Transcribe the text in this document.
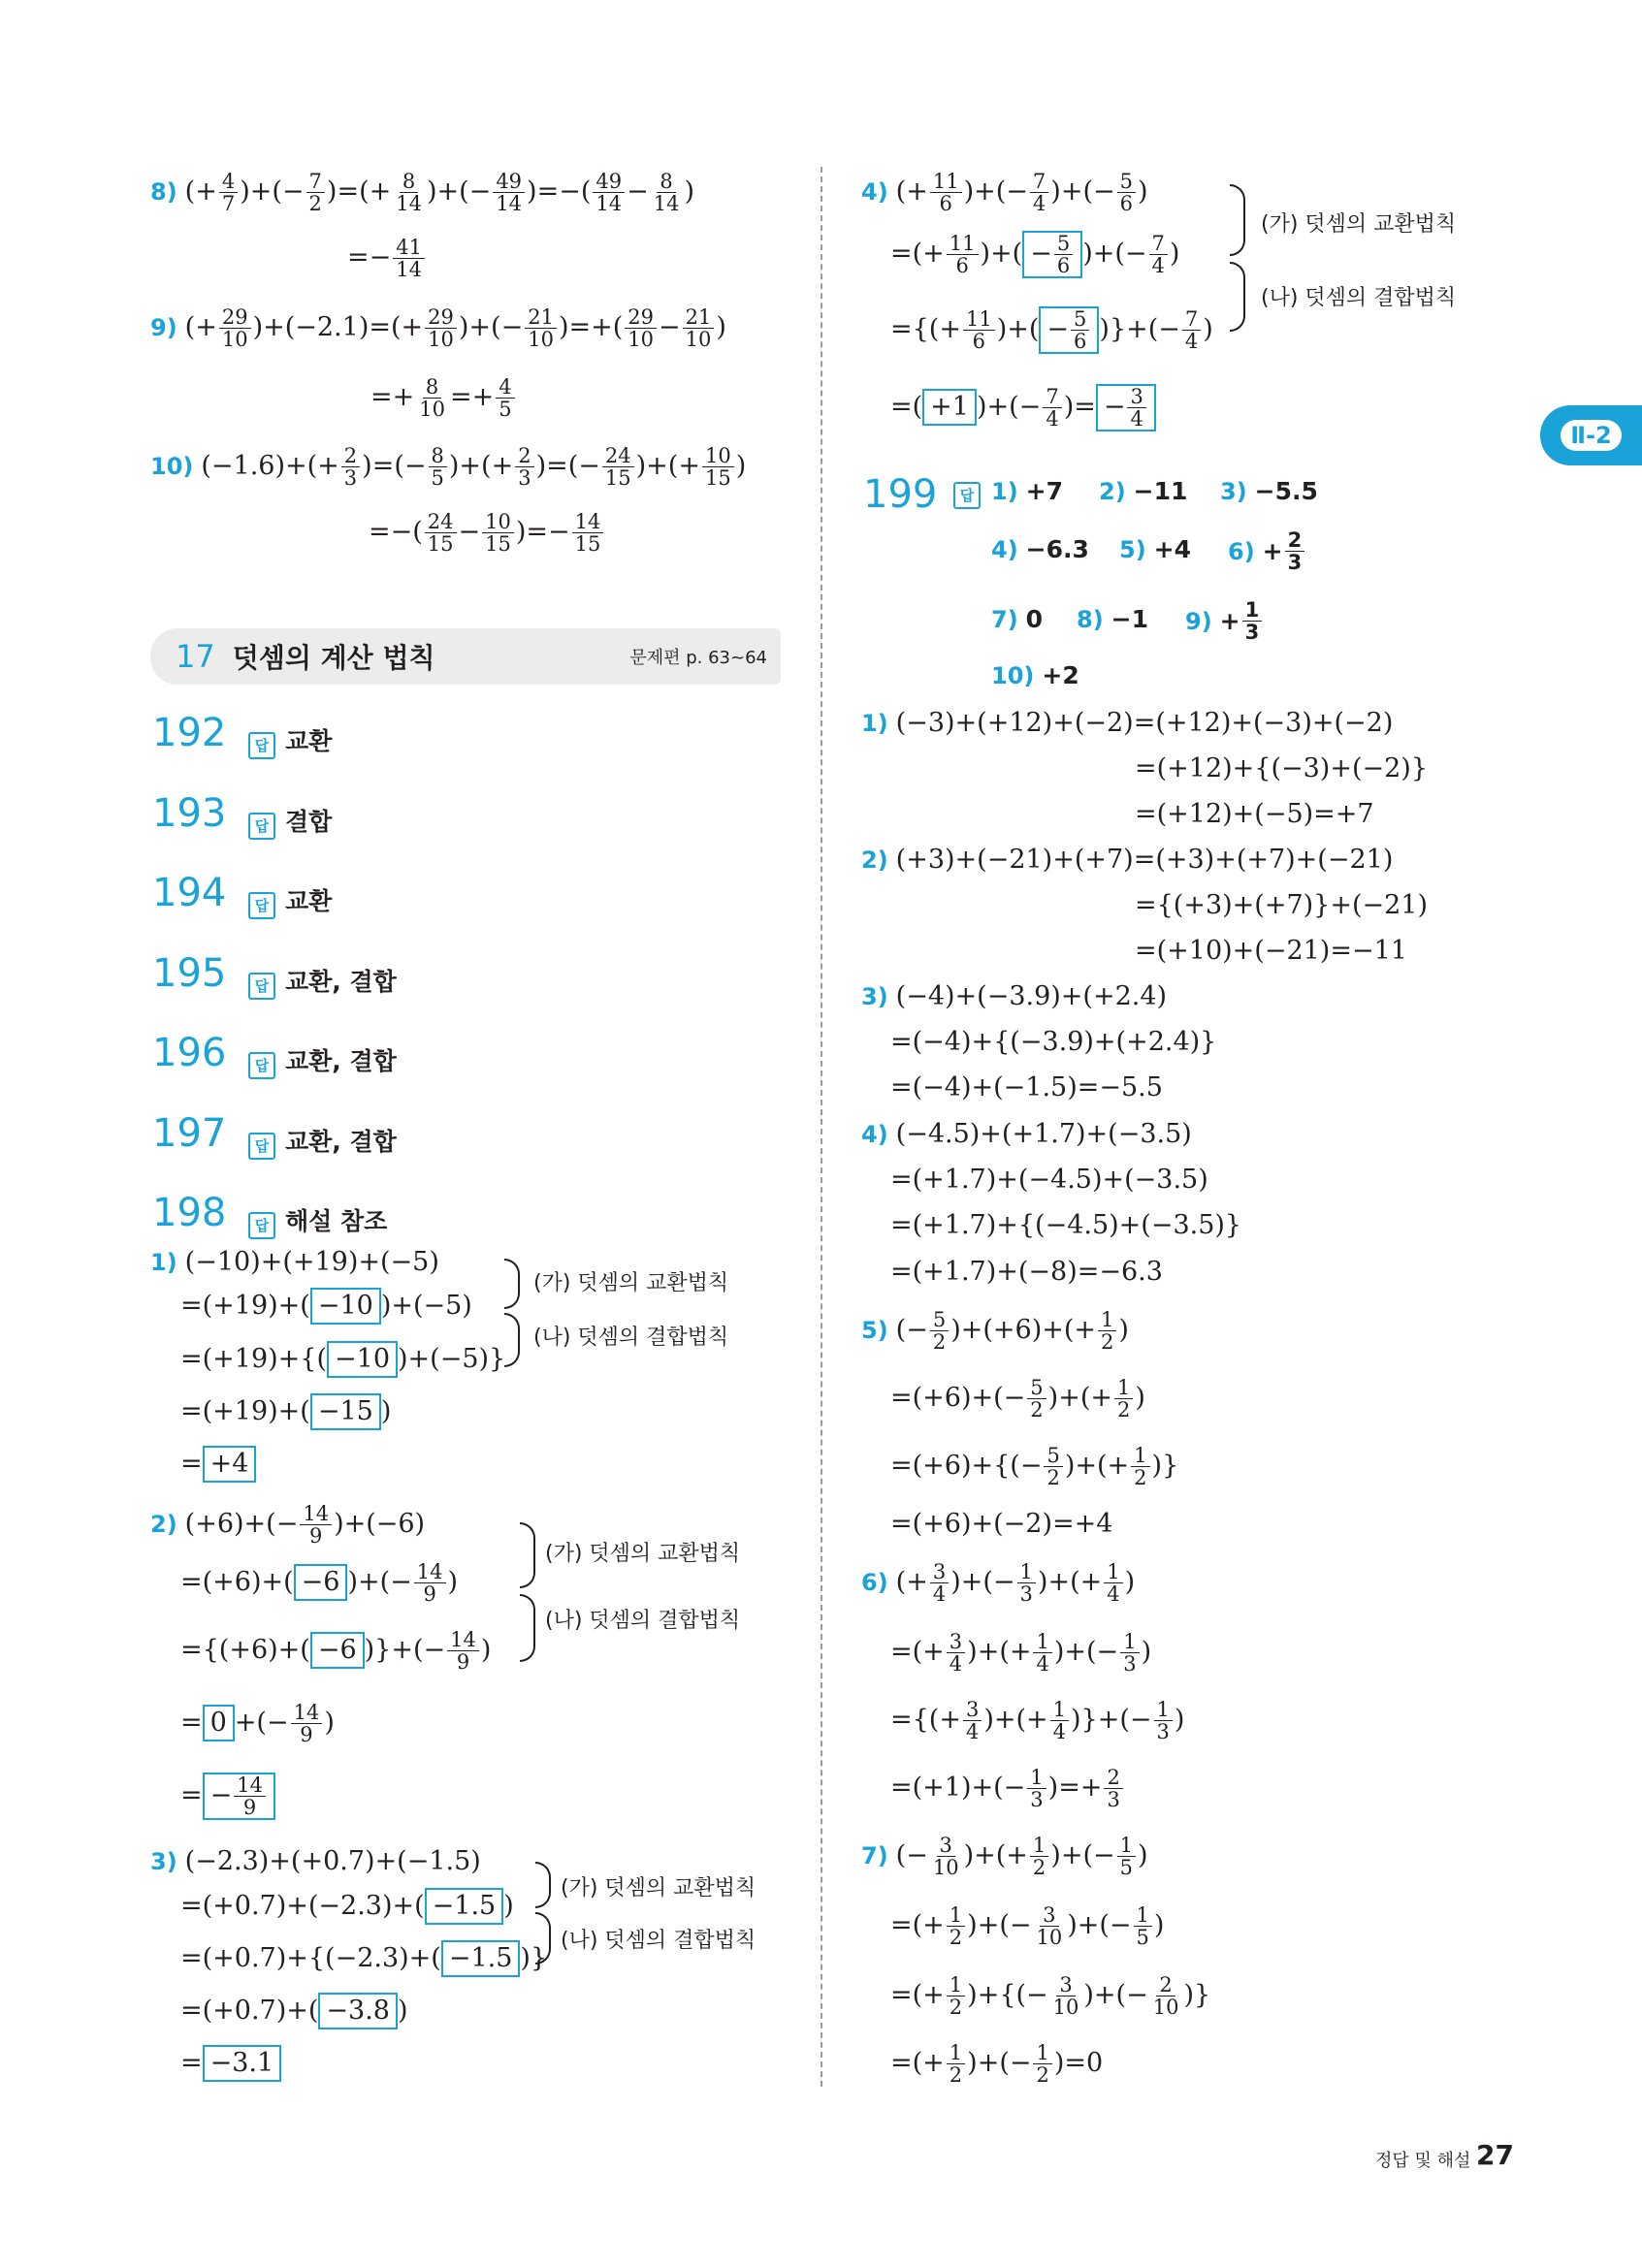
Ⅱ-2
8) (+ $\frac{4}{7}$ )+(− $\frac{7}{2}$ )=(+ $\frac{8}{14}$ )+(− $\frac{49}{14}$ )=−( $\frac{49}{14} - \frac{8}{14}$ )
=− $\frac{41}{14}$
9) (+ $\frac{29}{10} )+(-2.1)=(+ \frac{29}{10}$ )+(− $\frac{21}{10}$ )=+( $\frac{29}{10} - \frac{21}{10}$ )
=+ $\frac{8}{10} =+ \frac{4}{5}$
10) $(-1.6)+(+ \frac{2}{3}$ )=(− $\frac{8}{5}$ )+(+ $\frac{2}{3}$ )=(− $\frac{24}{15}$ )+(+ $\frac{10}{15}$ )
=−( $\frac{24}{15} - \frac{10}{15}$ )=− $\frac{14}{15}$
17 덧셈의 계산 법칙	문제편 p. 63~64
192	답 교환
193	답 결합
194	답 교환
195	답 교환, 결합
196	답 교환, 결합
197	답 교환, 결합
198	답 해설 참조
1) (−10)+(+19)+(−5)
=(+19)+( −10 )+(−5)
=(+19)+{( −10 )+(−5)}
=(+19)+( −15 )
= +4
(가) 덧셈의 교환법칙
(나) 덧셈의 결합법칙
2) $(+6)+(- \frac{14}{9} )+(-6)$
=(+6)+( −6 )+(− $\frac{14}{9}$ )
={(+6)+( −6 )}+(− $\frac{14}{9}$ )
= 0 +(− $\frac{14}{9}$ )
= − $\frac{14}{9}$
(가) 덧셈의 교환법칙
(나) 덧셈의 결합법칙
3) (−2.3)+(+0.7)+(−1.5)
=(+0.7)+(−2.3)+( −1.5 )
=(+0.7)+{(−2.3)+( −1.5 )}
=(+0.7)+( −3.8 )
= −3.1
(가) 덧셈의 교환법칙
(나) 덧셈의 결합법칙
4) (+ $\frac{11}{6}$ )+(− $\frac{7}{4}$ )+(− $\frac{5}{6}$ )
=(+ $\frac{11}{6}$ )+( − $\frac{5}{6}$ )+(− $\frac{7}{4}$ )
={(+ $\frac{11}{6}$ )+( − $\frac{5}{6}$ )}+(− $\frac{7}{4}$ )
=( +1 )+(− $\frac{7}{4}$ )= − $\frac{3}{4}$
(가) 덧셈의 교환법칙
(나) 덧셈의 결합법칙
199	답 1) +7 2) −11 3) −5.5
4) −6.3 5) +4 $6) + \frac{2}{3}$
7) 0 8) −1 $9) + \frac{1}{3}$
10) +2
1) (−3)+(+12)+(−2)=(+12)+(−3)+(−2)
=(+12)+{(−3)+(−2)}
=(+12)+(−5)=+7
2) (+3)+(−21)+(+7)=(+3)+(+7)+(−21)
={(+3)+(+7)}+(−21)
=(+10)+(−21)=−11
3) (−4)+(−3.9)+(+2.4)
=(−4)+{(−3.9)+(+2.4)}
=(−4)+(−1.5)=−5.5
4) (−4.5)+(+1.7)+(−3.5)
=(+1.7)+(−4.5)+(−3.5)
=(+1.7)+{(−4.5)+(−3.5)}
=(+1.7)+(−8)=−6.3
5) (− $\frac{5}{2} )+(+6)+(+ \frac{1}{2}$ )
$=(+6)+(- \frac{5}{2}$ )+(+ $\frac{1}{2}$ )
$=(+6)+\{(- \frac{5}{2}$ )+(+ $\frac{1}{2}$ )}
=(+6)+(−2)=+4
6) (+ $\frac{3}{4}$ )+(− $\frac{1}{3}$ )+(+ $\frac{1}{4}$ )
=(+ $\frac{3}{4}$ )+(+ $\frac{1}{4}$ )+(− $\frac{1}{3}$ )
={(+ $\frac{3}{4}$ )+(+ $\frac{1}{4}$ )}+(− $\frac{1}{3}$ )
$=(+1)+(- \frac{1}{3}$ )=+ $\frac{2}{3}$
7) (− $\frac{3}{10}$ )+(+ $\frac{1}{2}$ )+(− $\frac{1}{5}$ )
=(+ $\frac{1}{2}$ )+(− $\frac{3}{10}$ )+(− $\frac{1}{5}$ )
=(+ $\frac{1}{2}$ )+{(− $\frac{3}{10}$ )+(− $\frac{2}{10}$ )}
=(+ $\frac{1}{2}$ )+(− $\frac{1}{2} )=0$
정답 및 해설 27
